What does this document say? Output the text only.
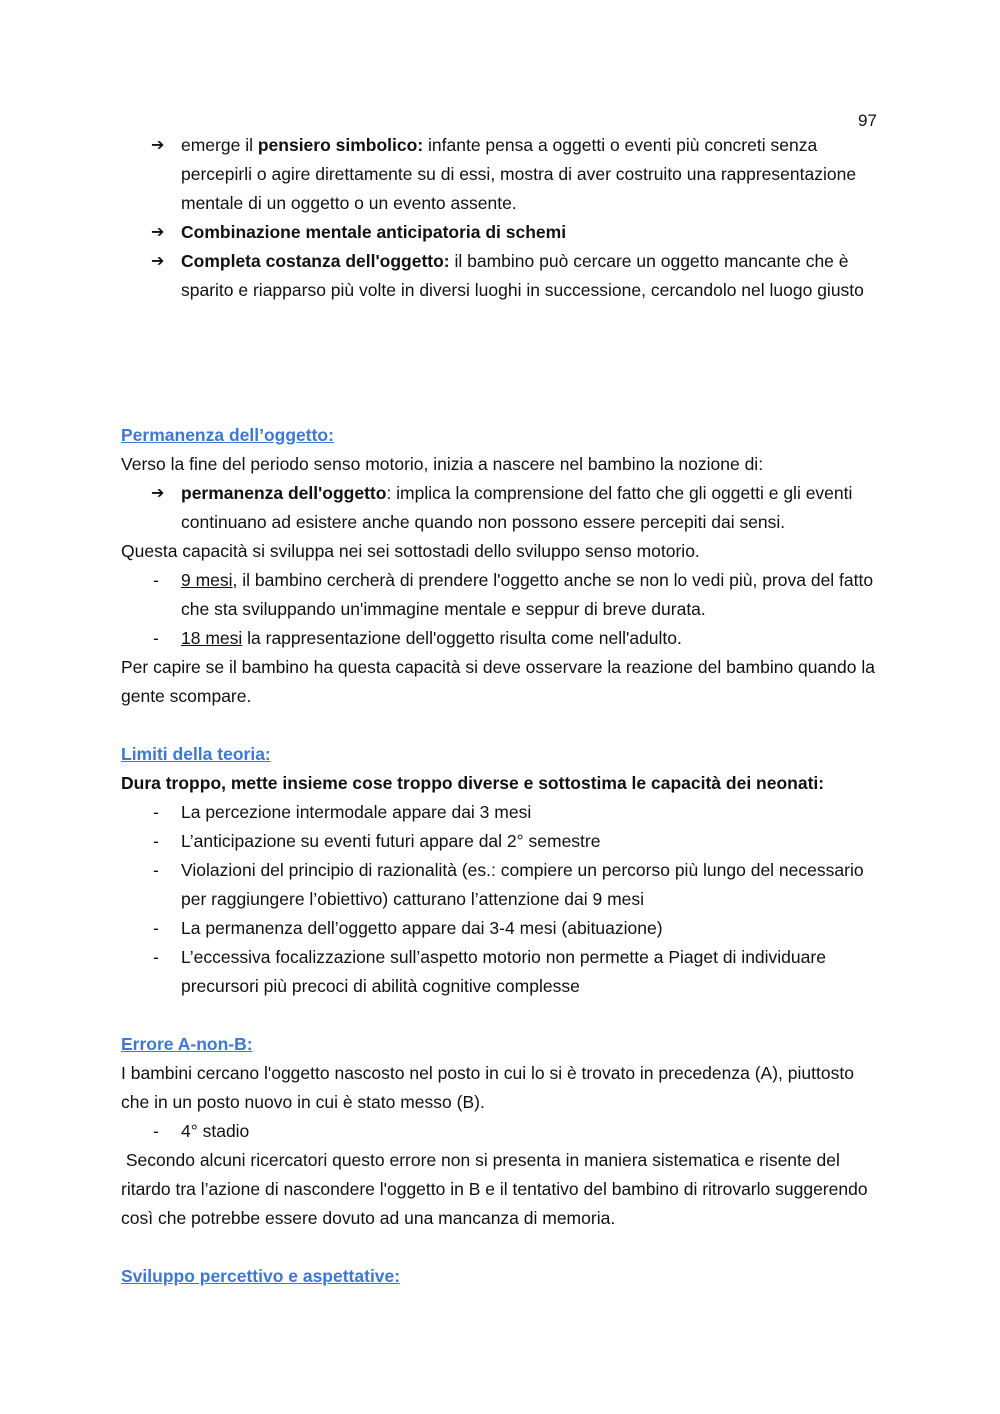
97
➔ emerge il pensiero simbolico: infante pensa a oggetti o eventi più concreti senza percepirli o agire direttamente su di essi, mostra di aver costruito una rappresentazione mentale di un oggetto o un evento assente.
➔ Combinazione mentale anticipatoria di schemi
➔ Completa costanza dell'oggetto: il bambino può cercare un oggetto mancante che è sparito e riapparso più volte in diversi luoghi in successione, cercandolo nel luogo giusto

Permanenza dell’oggetto:

Verso la fine del periodo senso motorio, inizia a nascere nel bambino la nozione di:

➔ permanenza dell'oggetto: implica la comprensione del fatto che gli oggetti e gli eventi continuano ad esistere anche quando non possono essere percepiti dai sensi.

Questa capacità si sviluppa nei sei sottostadi dello sviluppo senso motorio.

-	9 mesi, il bambino cercherà di prendere l'oggetto anche se non lo vedi più, prova del fatto che sta sviluppando un'immagine mentale e seppur di breve durata.
-	18 mesi la rappresentazione dell'oggetto risulta come nell'adulto.

Per capire se il bambino ha questa capacità si deve osservare la reazione del bambino quando la gente scompare.

Limiti della teoria:

Dura troppo, mette insieme cose troppo diverse e sottostima le capacità dei neonati:

-	La percezione intermodale appare dai 3 mesi
-	L’anticipazione su eventi futuri appare dal 2° semestre
-	Violazioni del principio di razionalità (es.: compiere un percorso più lungo del necessario per raggiungere l’obiettivo) catturano l’attenzione dai 9 mesi
-	La permanenza dell’oggetto appare dai 3-4 mesi (abituazione)
-	L’eccessiva focalizzazione sull’aspetto motorio non permette a Piaget di individuare precursori più precoci di abilità cognitive complesse

Errore A-non-B:

I bambini cercano l'oggetto nascosto nel posto in cui lo si è trovato in precedenza (A), piuttosto che in un posto nuovo in cui è stato messo (B).

-	4° stadio

Secondo alcuni ricercatori questo errore non si presenta in maniera sistematica e risente del ritardo tra l’azione di nascondere l'oggetto in B e il tentativo del bambino di ritrovarlo suggerendo così che potrebbe essere dovuto ad una mancanza di memoria.

Sviluppo percettivo e aspettative:
